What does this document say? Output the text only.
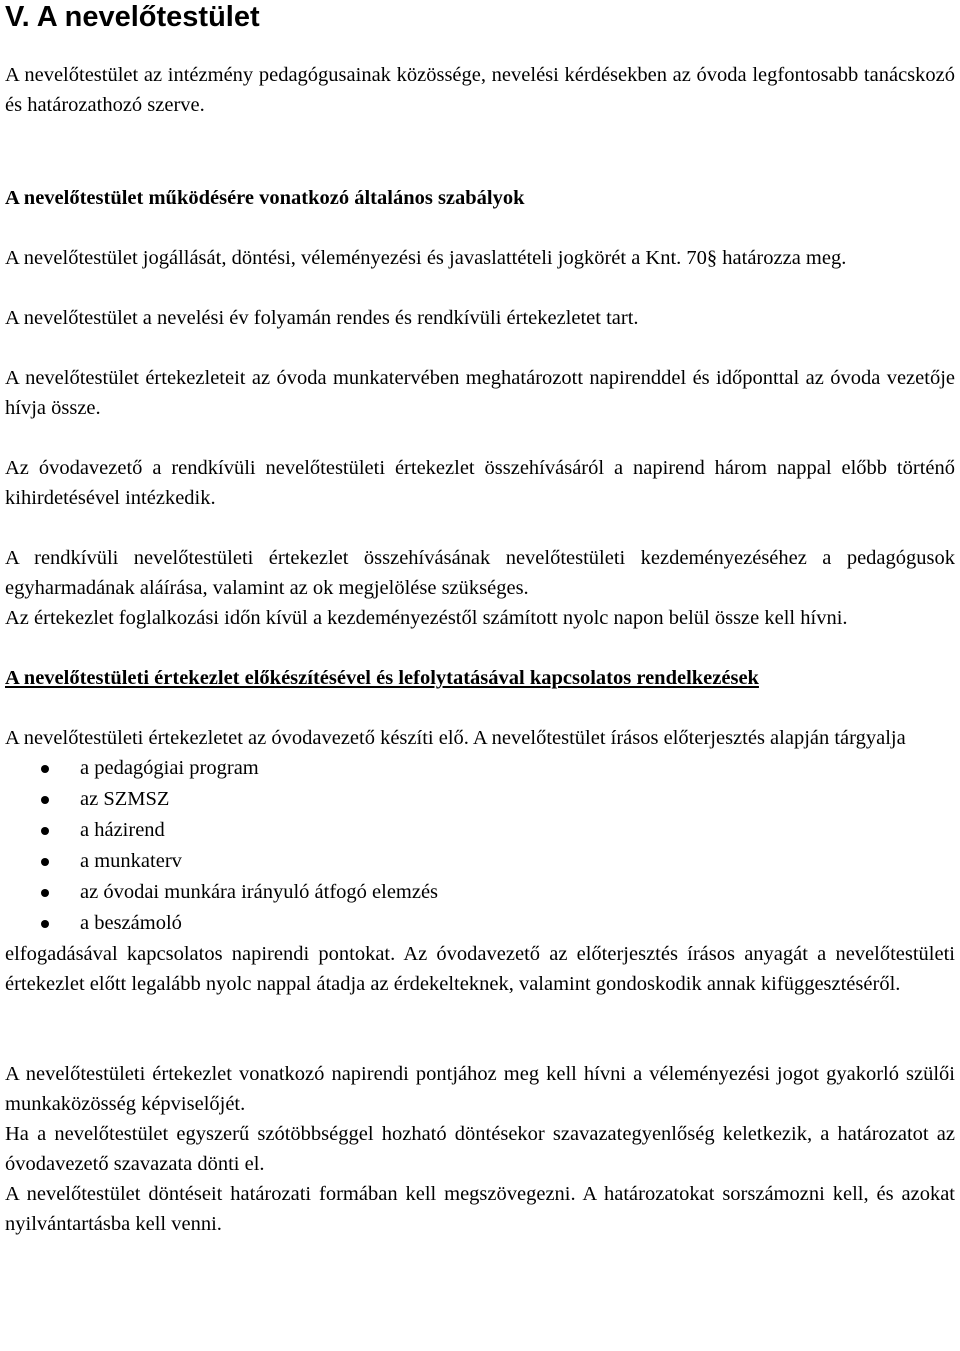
V. A nevelőtestület

A nevelőtestület az intézmény pedagógusainak közössége, nevelési kérdésekben az óvoda legfontosabb tanácskozó és határozathozó szerve.

A nevelőtestület működésére vonatkozó általános szabályok

A nevelőtestület jogállását, döntési, véleményezési és javaslattételi jogkörét a Knt. 70§ határozza meg.

A nevelőtestület a nevelési év folyamán rendes és rendkívüli értekezletet tart.

A nevelőtestület értekezleteit az óvoda munkatervében meghatározott napirenddel és időponttal az óvoda vezetője hívja össze.

Az óvodavezető a rendkívüli nevelőtestületi értekezlet összehívásáról a napirend három nappal előbb történő kihirdetésével intézkedik.

A rendkívüli nevelőtestületi értekezlet összehívásának nevelőtestületi kezdeményezéséhez a pedagógusok egyharmadának aláírása, valamint az ok megjelölése szükséges.

Az értekezlet foglalkozási időn kívül a kezdeményezéstől számított nyolc napon belül össze kell hívni.

A nevelőtestületi értekezlet előkészítésével és lefolytatásával kapcsolatos rendelkezések

A nevelőtestületi értekezletet az óvodavezető készíti elő. A nevelőtestület írásos előterjesztés alapján tárgyalja

a pedagógiai program
az SZMSZ
a házirend
a munkaterv
az óvodai munkára irányuló átfogó elemzés
a beszámoló

elfogadásával kapcsolatos napirendi pontokat. Az óvodavezető az előterjesztés írásos anyagát a nevelőtestületi értekezlet előtt legalább nyolc nappal átadja az érdekelteknek, valamint gondoskodik annak kifüggesztéséről.

A nevelőtestületi értekezlet vonatkozó napirendi pontjához meg kell hívni a véleményezési jogot gyakorló szülői munkaközösség képviselőjét.

Ha a nevelőtestület egyszerű szótöbbséggel hozható döntésekor szavazategyenlőség keletkezik, a határozatot az óvodavezető szavazata dönti el.

A nevelőtestület döntéseit határozati formában kell megszövegezni. A határozatokat sorszámozni kell, és azokat nyilvántartásba kell venni.
